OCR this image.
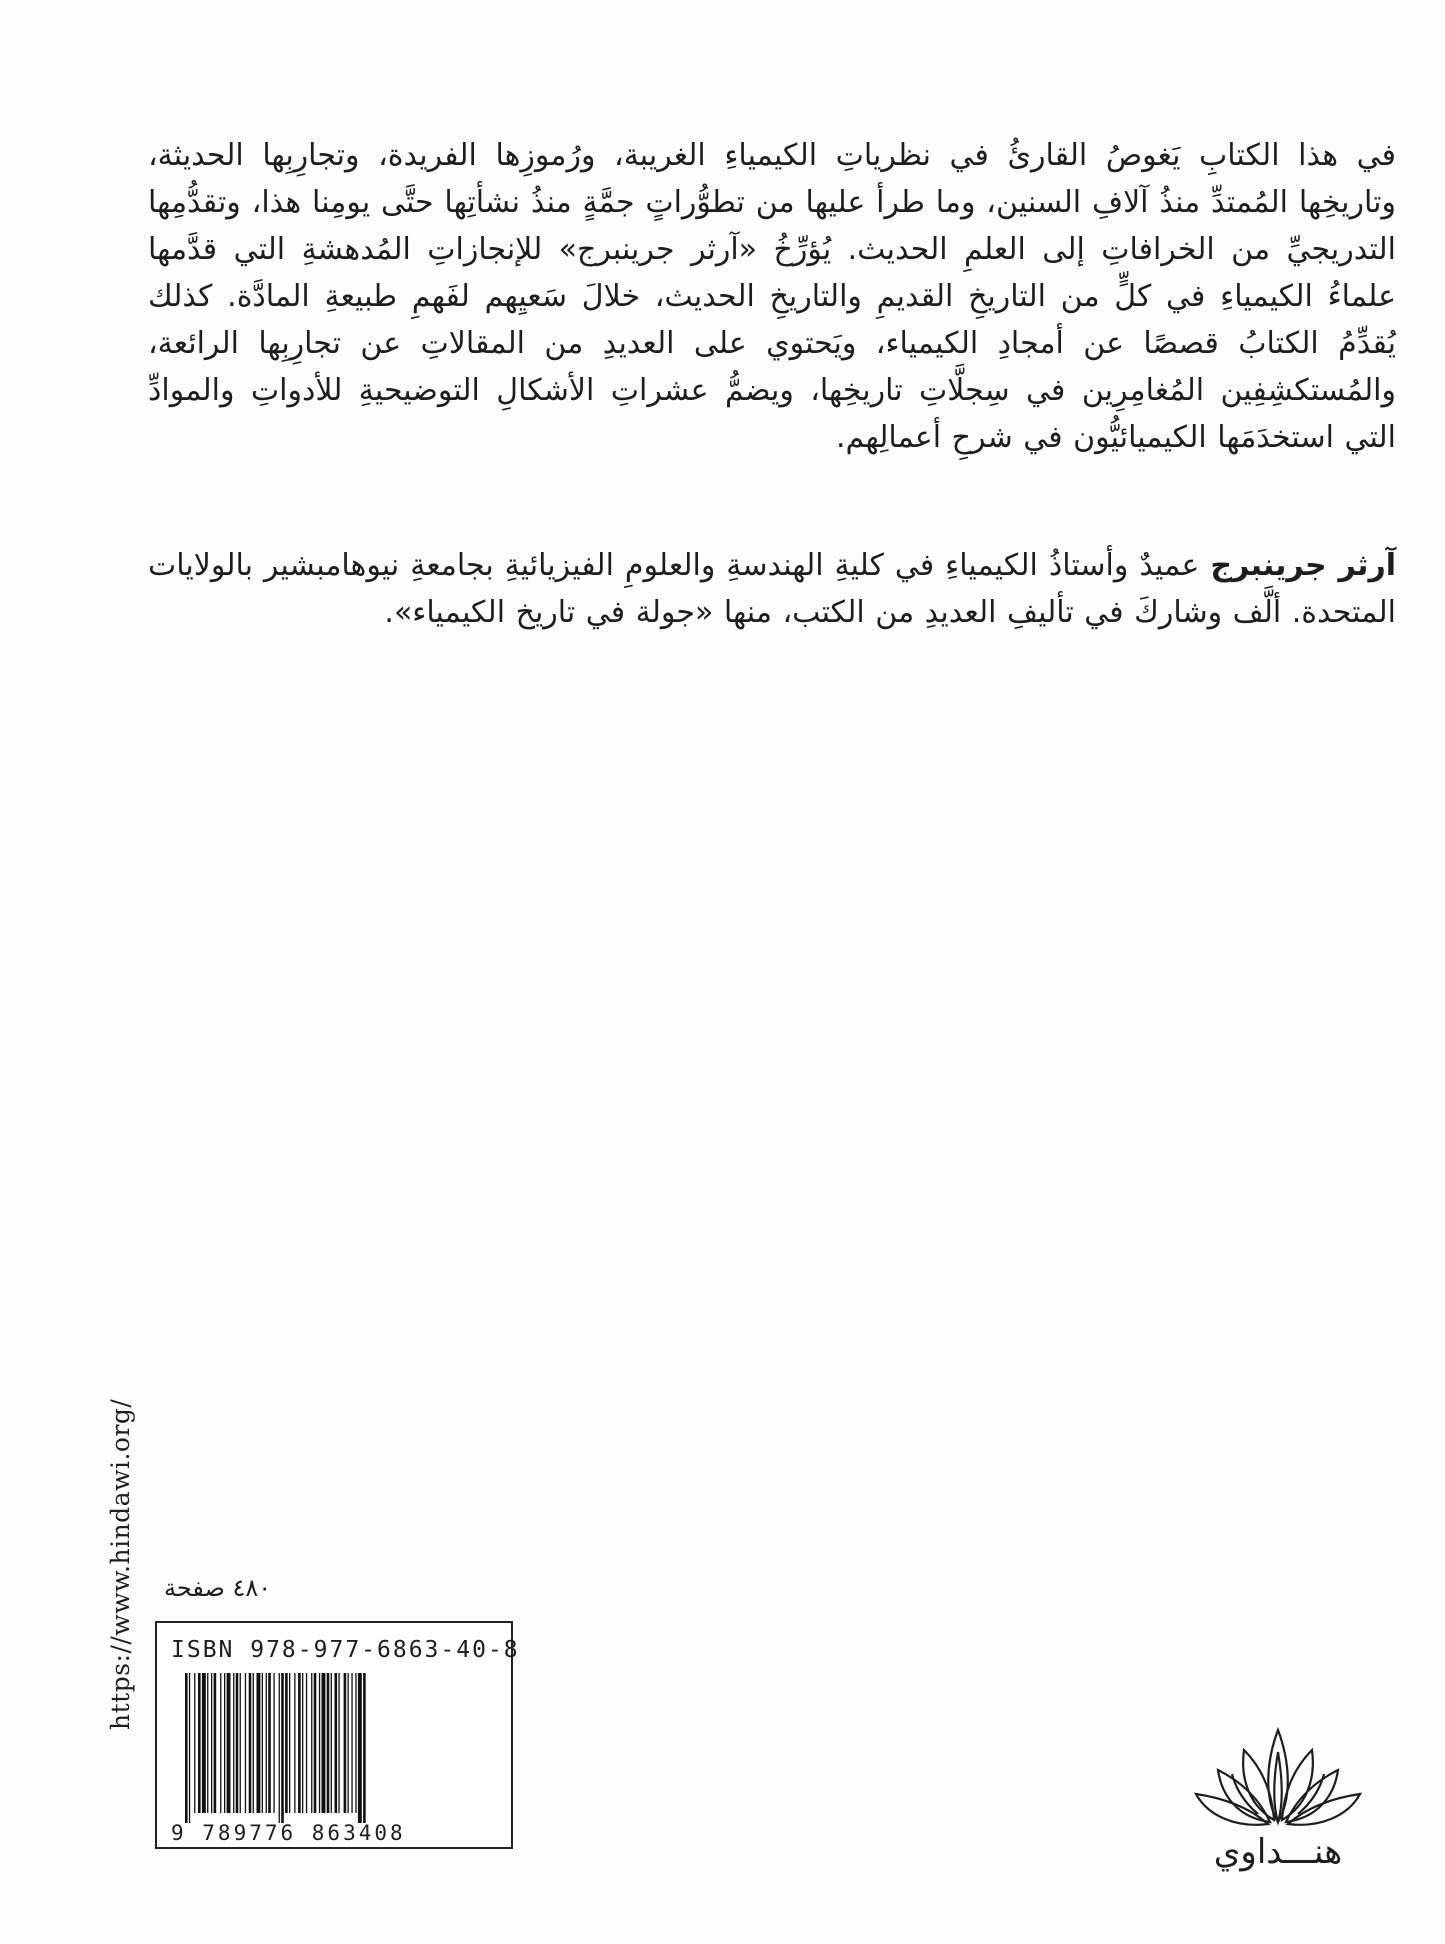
في هذا الكتابِ يَغوصُ القارئُ في نظرياتِ الكيمياءِ الغريبة، ورُموزِها الفريدة، وتجارِبِها الحديثة، وتاريخِها المُمتدِّ منذُ آلافِ السنين، وما طرأ عليها من تطوُّراتٍ جمَّةٍ منذُ نشأتِها حتَّى يومِنا هذا، وتقدُّمِها التدريجيِّ من الخرافاتِ إلى العلمِ الحديث. يُؤرِّخُ «آرثر جرينبرج» للإنجازاتِ المُدهشةِ التي قدَّمها علماءُ الكيمياءِ في كلٍّ من التاريخِ القديمِ والتاريخِ الحديث، خلالَ سَعيِهم لفَهمِ طبيعةِ المادَّة. كذلك يُقدِّمُ الكتابُ قصصًا عن أمجادِ الكيمياء، ويَحتوي على العديدِ من المقالاتِ عن تجارِبِها الرائعة، والمُستكشِفِين المُغامِرِين في سِجلَّاتِ تاريخِها، ويضمُّ عشراتِ الأشكالِ التوضيحيةِ للأدواتِ والموادِّ التي استخدَمَها الكيميائيُّون في شرحِ أعمالِهم.

آرثر جرينبرج عميدٌ وأستاذُ الكيمياءِ في كليةِ الهندسةِ والعلومِ الفيزيائيةِ بجامعةِ نيوهامبشير بالولايات المتحدة. ألَّف وشاركَ في تأليفِ العديدِ من الكتب، منها «جولة في تاريخ الكيمياء».

https://www.hindawi.org/ ٤٨٠ صفحة
ISBN 978-977-6863-40-8
9 789776 863408	هنـــداوي
